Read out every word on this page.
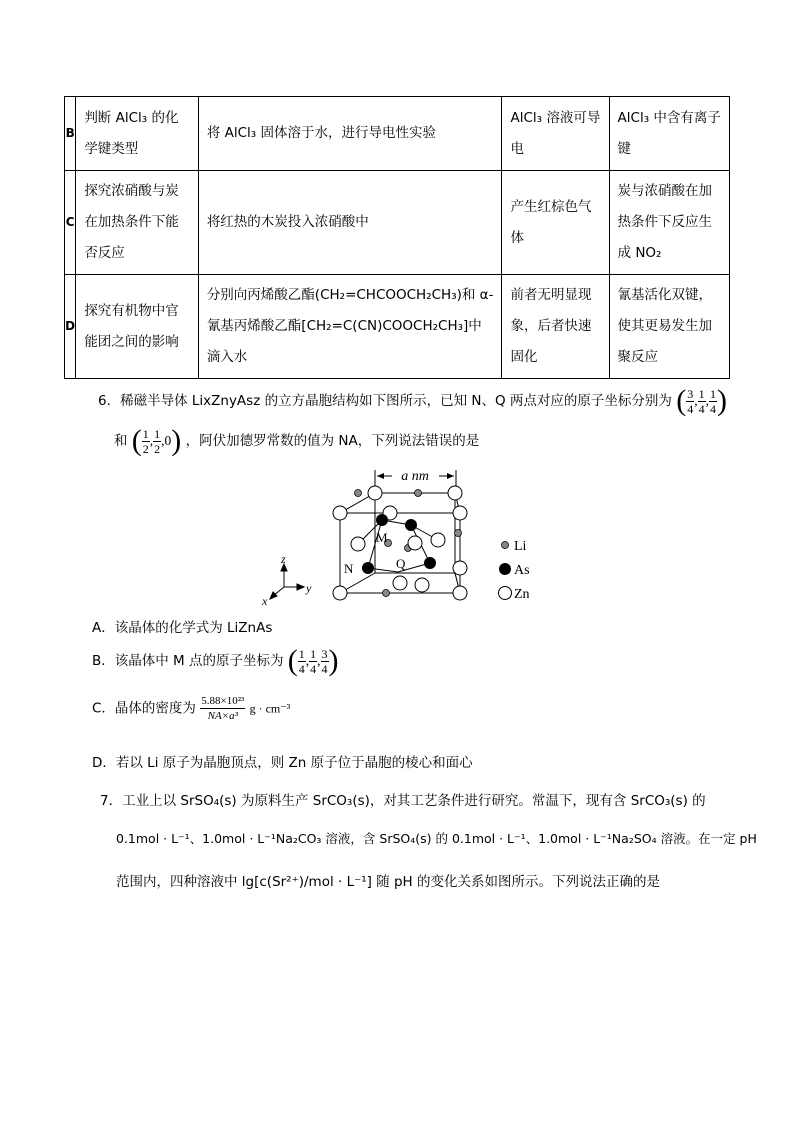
B	判断 AlCl₃ 的化学键类型	将 AlCl₃ 固体溶于水，进行导电性实验	AlCl₃ 溶液可导电	AlCl₃ 中含有离子键
C	探究浓硝酸与炭在加热条件下能否反应	将红热的木炭投入浓硝酸中	产生红棕色气体	炭与浓硝酸在加热条件下反应生成 NO₂
D	探究有机物中官能团之间的影响	分别向丙烯酸乙酯(CH₂=CHCOOCH₂CH₃)和 α-氰基丙烯酸乙酯[CH₂=C(CN)COOCH₂CH₃]中滴入水	前者无明显现象，后者快速固化	氰基活化双键，使其更易发生加聚反应
6．稀磁半导体 LixZnyAsz 的立方晶胞结构如下图所示，已知 N、Q 两点对应的原子坐标分别为 ( $\frac{3}{4}$ , $\frac{1}{4}$ , $\frac{1}{4}$ )
和 ( $\frac{1}{2}$ , $\frac{1}{2} ,0$) ，阿伏加德罗常数的值为 NA，下列说法错误的是
a nm
M
N	Q
z
y
x
Li
As
Zn
A．该晶体的化学式为 LiZnAs
B．该晶体中 M 点的原子坐标为 ( $\frac{1}{4}$ , $\frac{1}{4}$ , $\frac{3}{4}$ )
C．晶体的密度为 $\frac{\text{5.88×10²³}}{\text{NA×a³}}$ g · cm⁻³
D．若以 Li 原子为晶胞顶点，则 Zn 原子位于晶胞的棱心和面心
7．工业上以 SrSO₄(s) 为原料生产 SrCO₃(s)，对其工艺条件进行研究。常温下，现有含 SrCO₃(s) 的
0.1mol · L⁻¹、1.0mol · L⁻¹Na₂CO₃ 溶液，含 SrSO₄(s) 的 0.1mol · L⁻¹、1.0mol · L⁻¹Na₂SO₄ 溶液。在一定 pH
范围内，四种溶液中 lg[c(Sr²⁺)/mol · L⁻¹] 随 pH 的变化关系如图所示。下列说法正确的是
